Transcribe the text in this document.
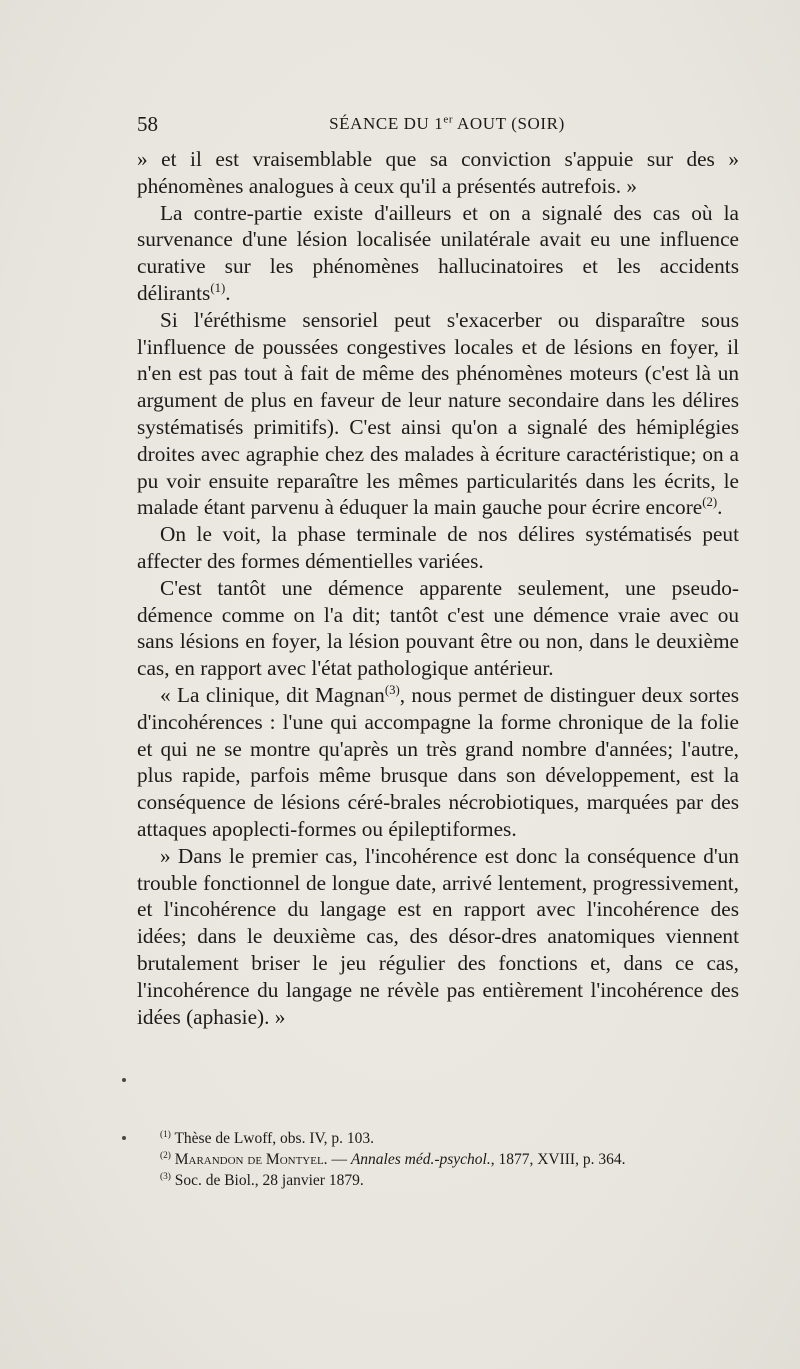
58	SÉANCE DU 1er AOUT (SOIR)

» et il est vraisemblable que sa conviction s'appuie sur des » phénomènes analogues à ceux qu'il a présentés autrefois. »

La contre-partie existe d'ailleurs et on a signalé des cas où la survenance d'une lésion localisée unilatérale avait eu une influence curative sur les phénomènes hallucinatoires et les accidents délirants$^{(1)}$.

Si l'éréthisme sensoriel peut s'exacerber ou disparaître sous l'influence de poussées congestives locales et de lésions en foyer, il n'en est pas tout à fait de même des phénomènes moteurs (c'est là un argument de plus en faveur de leur nature secondaire dans les délires systématisés primitifs). C'est ainsi qu'on a signalé des hémiplégies droites avec agraphie chez des malades à écriture caractéristique; on a pu voir ensuite reparaître les mêmes particularités dans les écrits, le malade étant parvenu à éduquer la main gauche pour écrire encore$^{(2)}$.

On le voit, la phase terminale de nos délires systématisés peut affecter des formes démentielles variées.

C'est tantôt une démence apparente seulement, une pseudo-démence comme on l'a dit; tantôt c'est une démence vraie avec ou sans lésions en foyer, la lésion pouvant être ou non, dans le deuxième cas, en rapport avec l'état pathologique antérieur.

« La clinique, dit Magnan$^{(3)}$, nous permet de distinguer deux sortes d'incohérences : l'une qui accompagne la forme chronique de la folie et qui ne se montre qu'après un très grand nombre d'années; l'autre, plus rapide, parfois même brusque dans son développement, est la conséquence de lésions céré-brales nécrobiotiques, marquées par des attaques apoplecti-formes ou épileptiformes.

» Dans le premier cas, l'incohérence est donc la conséquence d'un trouble fonctionnel de longue date, arrivé lentement, progressivement, et l'incohérence du langage est en rapport avec l'incohérence des idées; dans le deuxième cas, des désor-dres anatomiques viennent brutalement briser le jeu régulier des fonctions et, dans ce cas, l'incohérence du langage ne révèle pas entièrement l'incohérence des idées (aphasie). »

$^{(1)}$ Thèse de Lwoff, obs. IV, p. 103.

$^{(2)}$ Marandon de Montyel. — Annales méd.-psychol., 1877, XVIII, p. 364.

$^{(3)}$ Soc. de Biol., 28 janvier 1879.
